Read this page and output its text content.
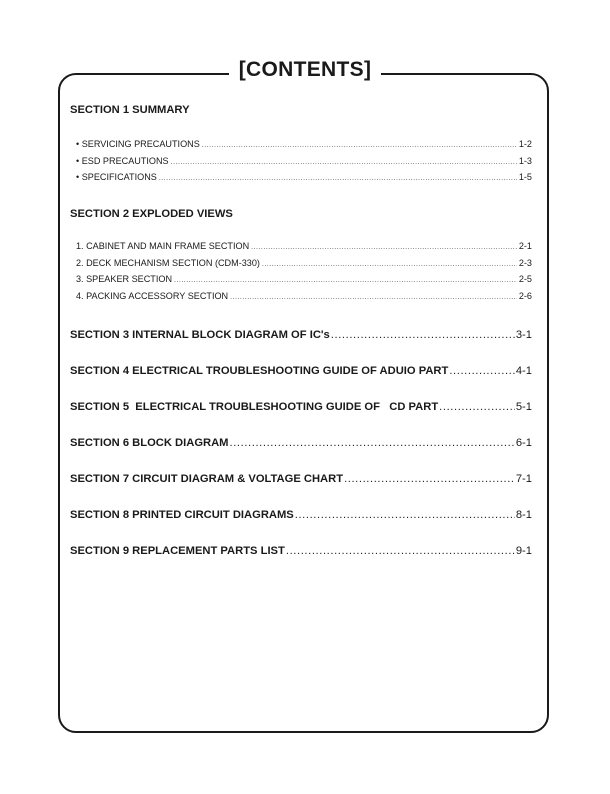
[CONTENTS]
SECTION 1 SUMMARY
• SERVICING PRECAUTIONS .....	1-2
• ESD PRECAUTIONS .....	1-3
• SPECIFICATIONS .....	1-5
SECTION 2 EXPLODED VIEWS
1. CABINET AND MAIN FRAME SECTION .....	2-1
2. DECK MECHANISM SECTION (CDM-330) .....	2-3
3. SPEAKER SECTION .....	2-5
4. PACKING ACCESSORY SECTION .....	2-6
SECTION 3 INTERNAL BLOCK DIAGRAM OF IC's .....	3-1
SECTION 4 ELECTRICAL TROUBLESHOOTING GUIDE OF ADUIO PART .....	4-1
SECTION 5  ELECTRICAL TROUBLESHOOTING GUIDE OF   CD PART .....	5-1
SECTION 6 BLOCK DIAGRAM .....	6-1
SECTION 7 CIRCUIT DIAGRAM & VOLTAGE CHART .....	7-1
SECTION 8 PRINTED CIRCUIT DIAGRAMS .....	8-1
SECTION 9 REPLACEMENT PARTS LIST .....	9-1
